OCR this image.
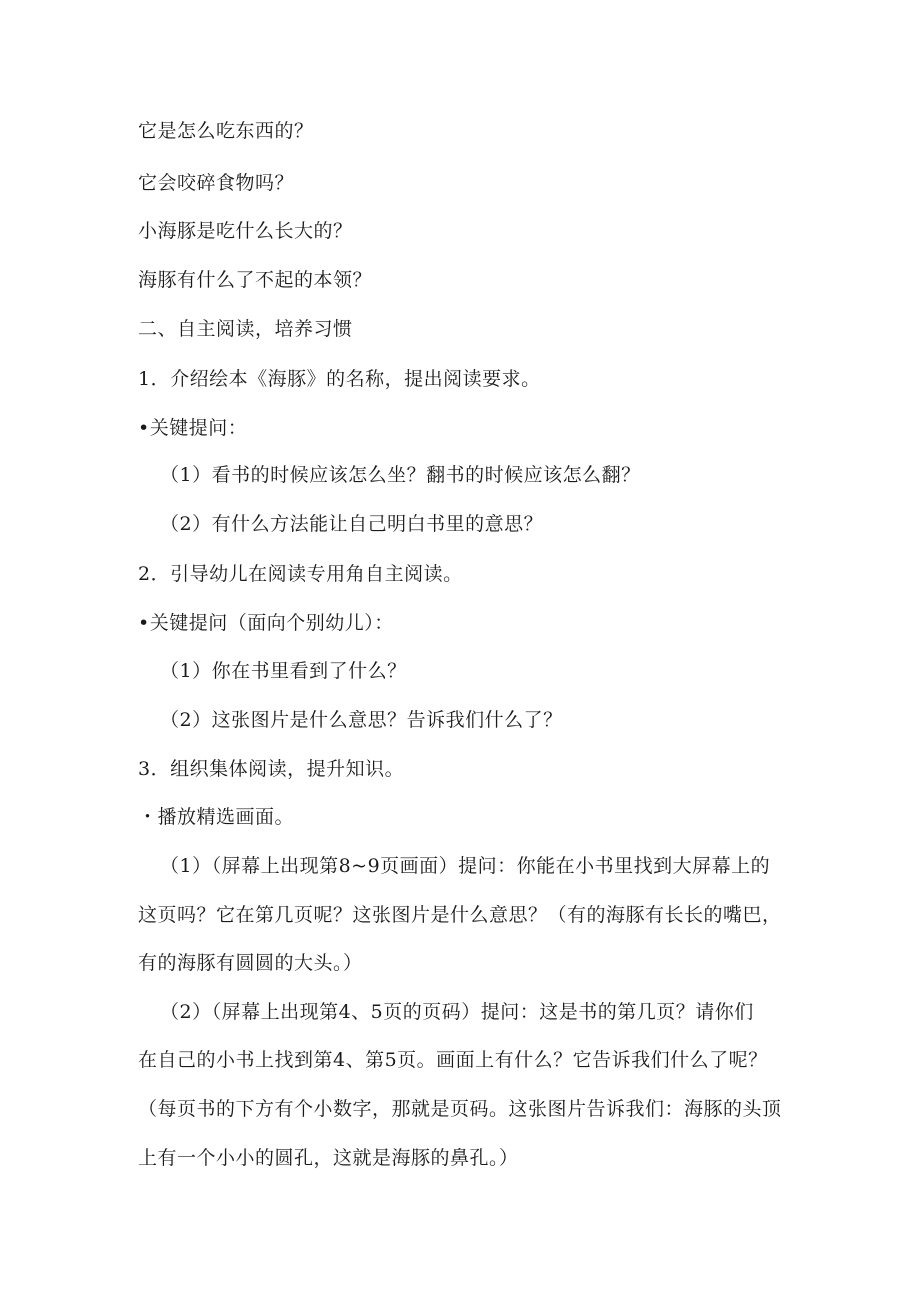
它是怎么吃东西的？
它会咬碎食物吗？
小海豚是吃什么长大的？
海豚有什么了不起的本领？
二、自主阅读，培养习惯
1．介绍绘本《海豚》的名称，提出阅读要求。
•关键提问：
（1）看书的时候应该怎么坐？翻书的时候应该怎么翻？
（2）有什么方法能让自己明白书里的意思？
2．引导幼儿在阅读专用角自主阅读。
•关键提问（面向个别幼儿）：
（1）你在书里看到了什么？
（2）这张图片是什么意思？告诉我们什么了？
3．组织集体阅读，提升知识。
・播放精选画面。
（1）（屏幕上出现第8~9页画面）提问：你能在小书里找到大屏幕上的
这页吗？它在第几页呢？这张图片是什么意思？（有的海豚有长长的嘴巴，
有的海豚有圆圆的大头。）
（2）（屏幕上出现第4、5页的页码）提问：这是书的第几页？请你们
在自己的小书上找到第4、第5页。画面上有什么？它告诉我们什么了呢？
（每页书的下方有个小数字，那就是页码。这张图片告诉我们：海豚的头顶
上有一个小小的圆孔，这就是海豚的鼻孔。）
